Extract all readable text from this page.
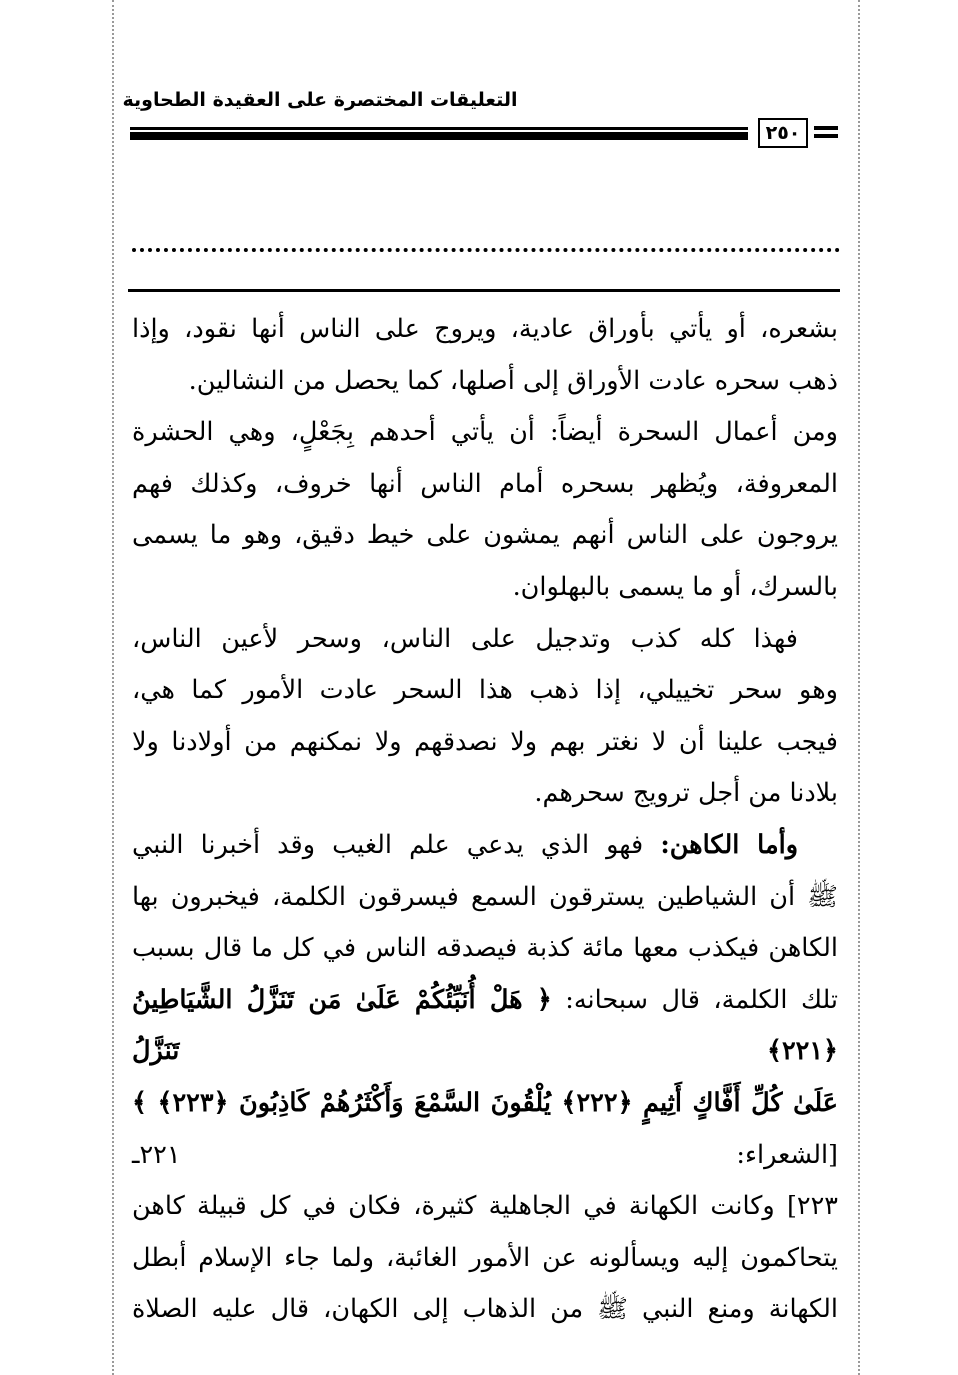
التعليقات المختصرة على العقيدة الطحاوية
٢٥٠

بشعره، أو يأتي بأوراق عادية، ويروج على الناس أنها نقود، وإذا

ذهب سحره عادت الأوراق إلى أصلها، كما يحصل من النشالين.

ومن أعمال السحرة أيضاً: أن يأتي أحدهم بِجَعْلٍ، وهي الحشرة

المعروفة، ويُظهر بسحره أمام الناس أنها خروف، وكذلك فهم

يروجون على الناس أنهم يمشون على خيط دقيق، وهو ما يسمى

بالسرك، أو ما يسمى بالبهلوان.

فهذا كله كذب وتدجيل على الناس، وسحر لأعين الناس،

وهو سحر تخييلي، إذا ذهب هذا السحر عادت الأمور كما هي،

فيجب علينا أن لا نغتر بهم ولا نصدقهم ولا نمكنهم من أولادنا ولا

بلادنا من أجل ترويج سحرهم.

وأما الكاهن: فهو الذي يدعي علم الغيب وقد أخبرنا النبي

ﷺ أن الشياطين يسترقون السمع فيسرقون الكلمة، فيخبرون بها

الكاهن فيكذب معها مائة كذبة فيصدقه الناس في كل ما قال بسبب

تلك الكلمة، قال سبحانه: ﴿ هَلْ أُنَبِّئُكُمْ عَلَىٰ مَن تَنَزَّلُ الشَّيَاطِينُ ﴿٢٢١﴾ تَنَزَّلُ

عَلَىٰ كُلِّ أَفَّاكٍ أَثِيمٍ ﴿٢٢٢﴾ يُلْقُونَ السَّمْعَ وَأَكْثَرُهُمْ كَاذِبُونَ ﴿٢٢٣﴾ ﴾ [الشعراء: ٢٢١ـ

٢٢٣] وكانت الكهانة في الجاهلية كثيرة، فكان في كل قبيلة كاهن

يتحاكمون إليه ويسألونه عن الأمور الغائبة، ولما جاء الإسلام أبطل

الكهانة ومنع النبي ﷺ من الذهاب إلى الكهان، قال عليه الصلاة
